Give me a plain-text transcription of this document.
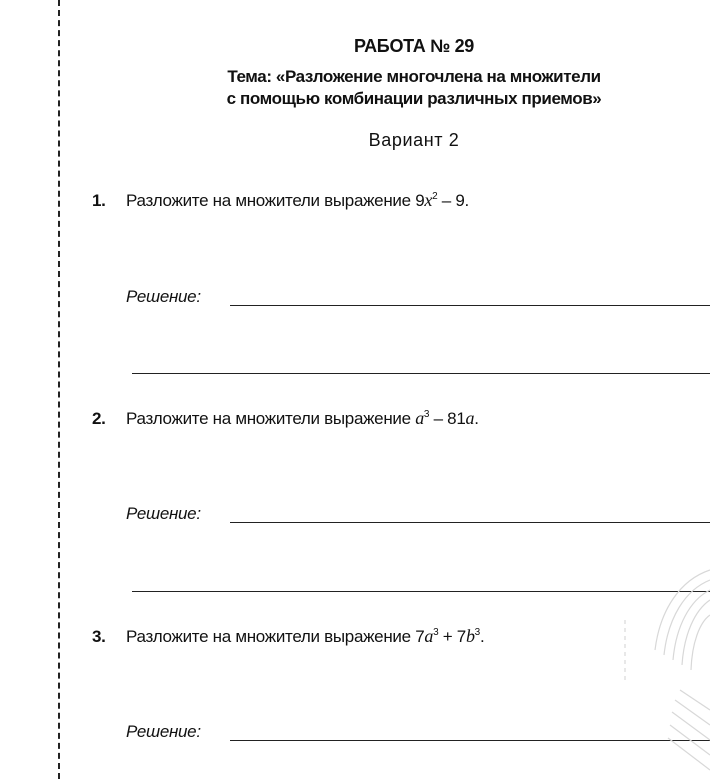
РАБОТА № 29
Тема: «Разложение многочлена на множители
с помощью комбинации различных приемов»
Вариант 2
1. Разложите на множители выражение $9x^2 - 9$.
Решение:
2. Разложите на множители выражение $a^3 - 81a$.
Решение:
3. Разложите на множители выражение $7a^3 + 7b^3$.
Решение:
